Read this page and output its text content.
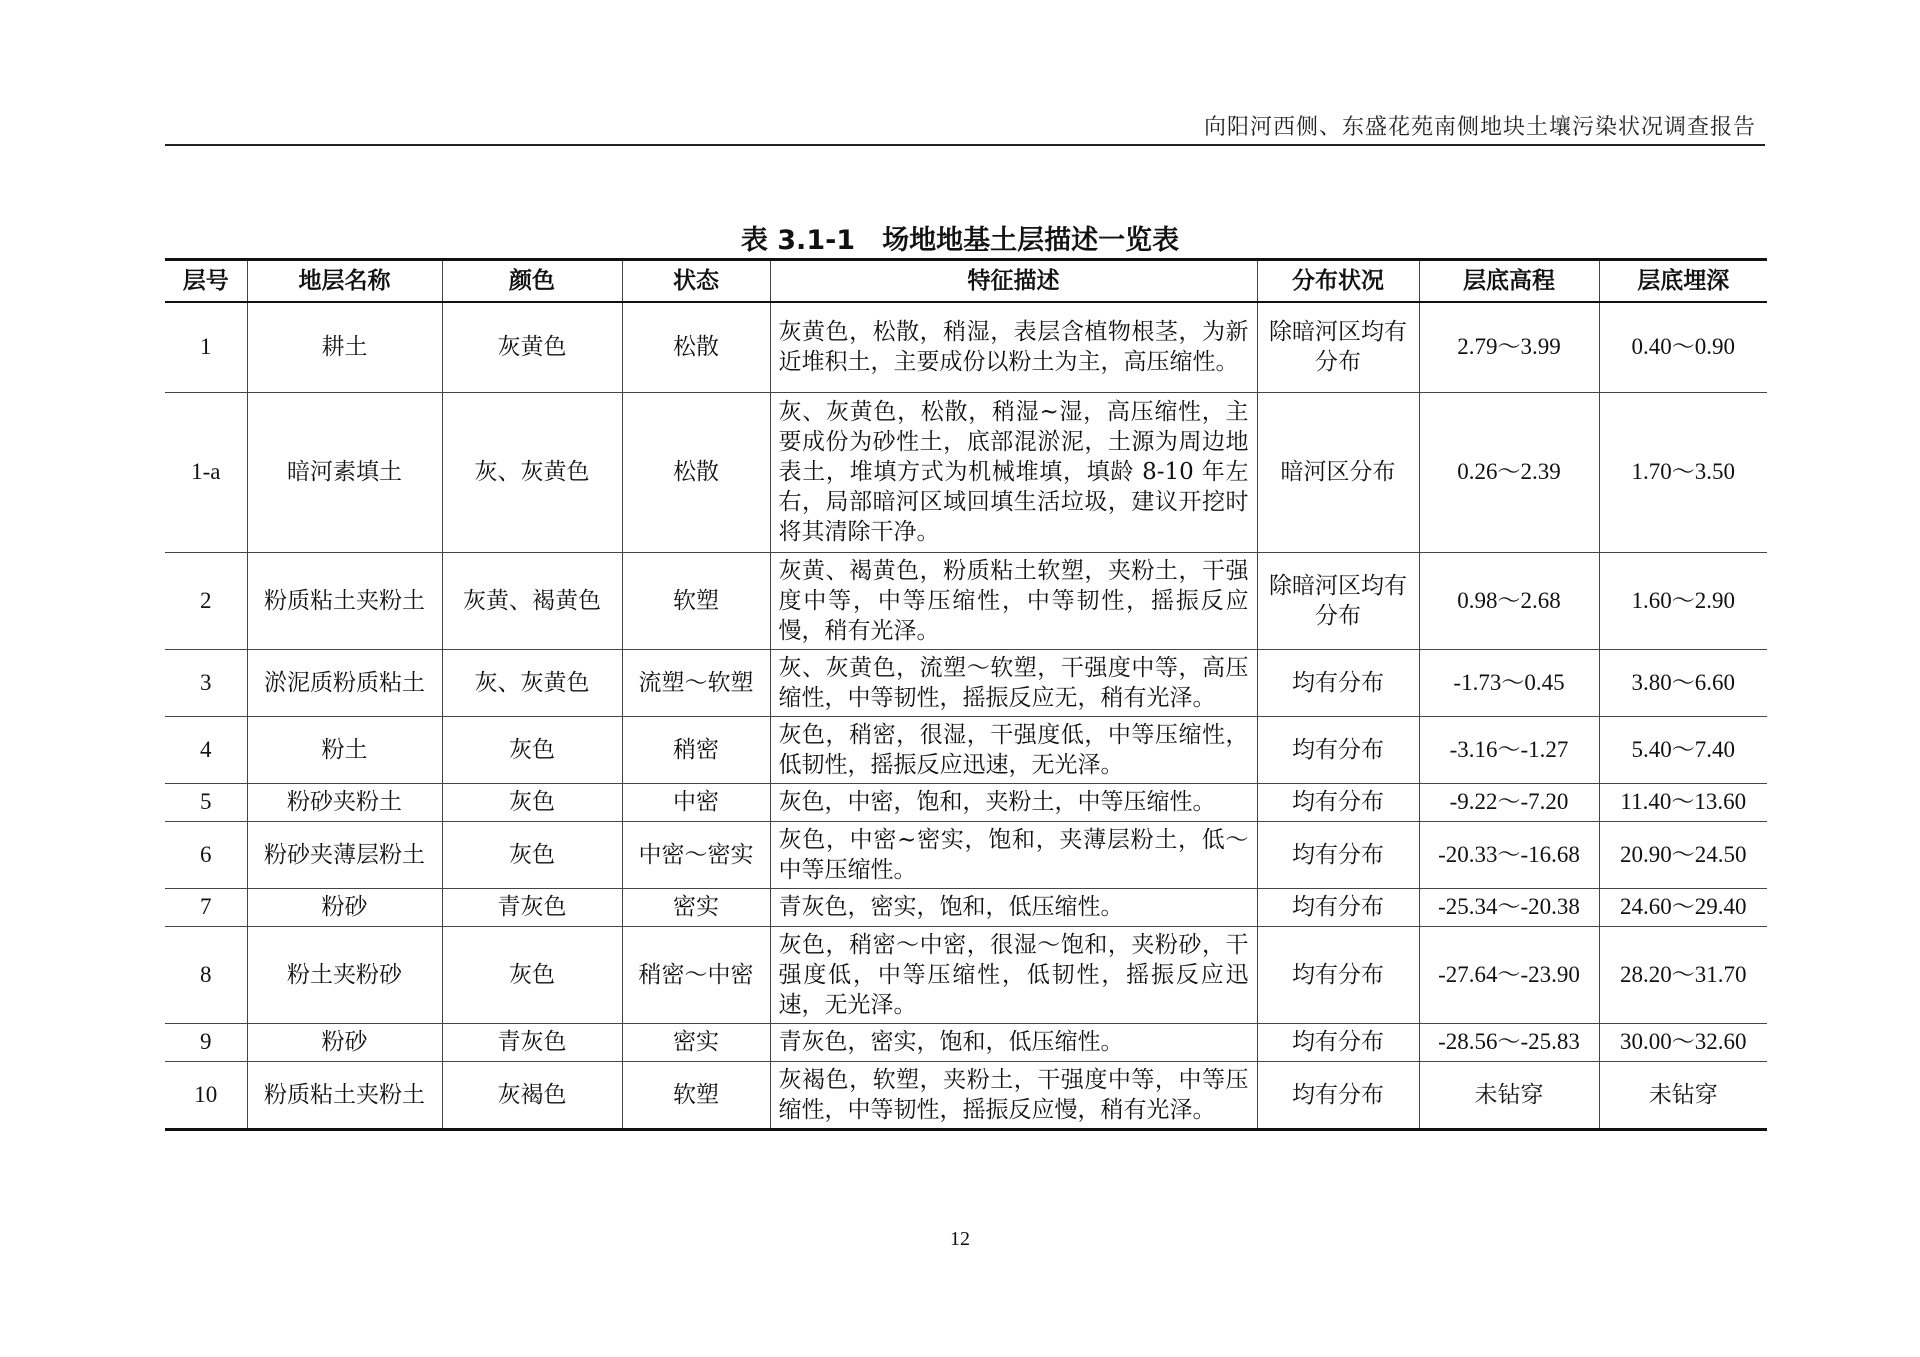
向阳河西侧、东盛花苑南侧地块土壤污染状况调查报告
表 3.1-1　场地地基土层描述一览表
层号	地层名称	颜色	状态	特征描述	分布状况	层底高程	层底埋深
1	耕土	灰黄色	松散	灰黄色，松散，稍湿，表层含植物根茎，为新近堆积土，主要成份以粉土为主，高压缩性。	除暗河区均有分布	2.79～3.99	0.40～0.90
1-a	暗河素填土	灰、灰黄色	松散	灰、灰黄色，松散，稍湿~湿，高压缩性，主要成份为砂性土，底部混淤泥，土源为周边地表土，堆填方式为机械堆填，填龄 8-10 年左右，局部暗河区域回填生活垃圾，建议开挖时将其清除干净。	暗河区分布	0.26～2.39	1.70～3.50
2	粉质粘土夹粉土	灰黄、褐黄色	软塑	灰黄、褐黄色，粉质粘土软塑，夹粉土，干强度中等，中等压缩性，中等韧性，摇振反应慢，稍有光泽。	除暗河区均有分布	0.98～2.68	1.60～2.90
3	淤泥质粉质粘土	灰、灰黄色	流塑～软塑	灰、灰黄色，流塑～软塑，干强度中等，高压缩性，中等韧性，摇振反应无，稍有光泽。	均有分布	-1.73～0.45	3.80～6.60
4	粉土	灰色	稍密	灰色，稍密，很湿，干强度低，中等压缩性，低韧性，摇振反应迅速，无光泽。	均有分布	-3.16～-1.27	5.40～7.40
5	粉砂夹粉土	灰色	中密	灰色，中密，饱和，夹粉土，中等压缩性。	均有分布	-9.22～-7.20	11.40～13.60
6	粉砂夹薄层粉土	灰色	中密～密实	灰色，中密~密实，饱和，夹薄层粉土，低～中等压缩性。	均有分布	-20.33～-16.68	20.90～24.50
7	粉砂	青灰色	密实	青灰色，密实，饱和，低压缩性。	均有分布	-25.34～-20.38	24.60～29.40
8	粉土夹粉砂	灰色	稍密～中密	灰色，稍密～中密，很湿～饱和，夹粉砂，干强度低，中等压缩性，低韧性，摇振反应迅速，无光泽。	均有分布	-27.64～-23.90	28.20～31.70
9	粉砂	青灰色	密实	青灰色，密实，饱和，低压缩性。	均有分布	-28.56～-25.83	30.00～32.60
10	粉质粘土夹粉土	灰褐色	软塑	灰褐色，软塑，夹粉土，干强度中等，中等压缩性，中等韧性，摇振反应慢，稍有光泽。	均有分布	未钻穿	未钻穿
12
